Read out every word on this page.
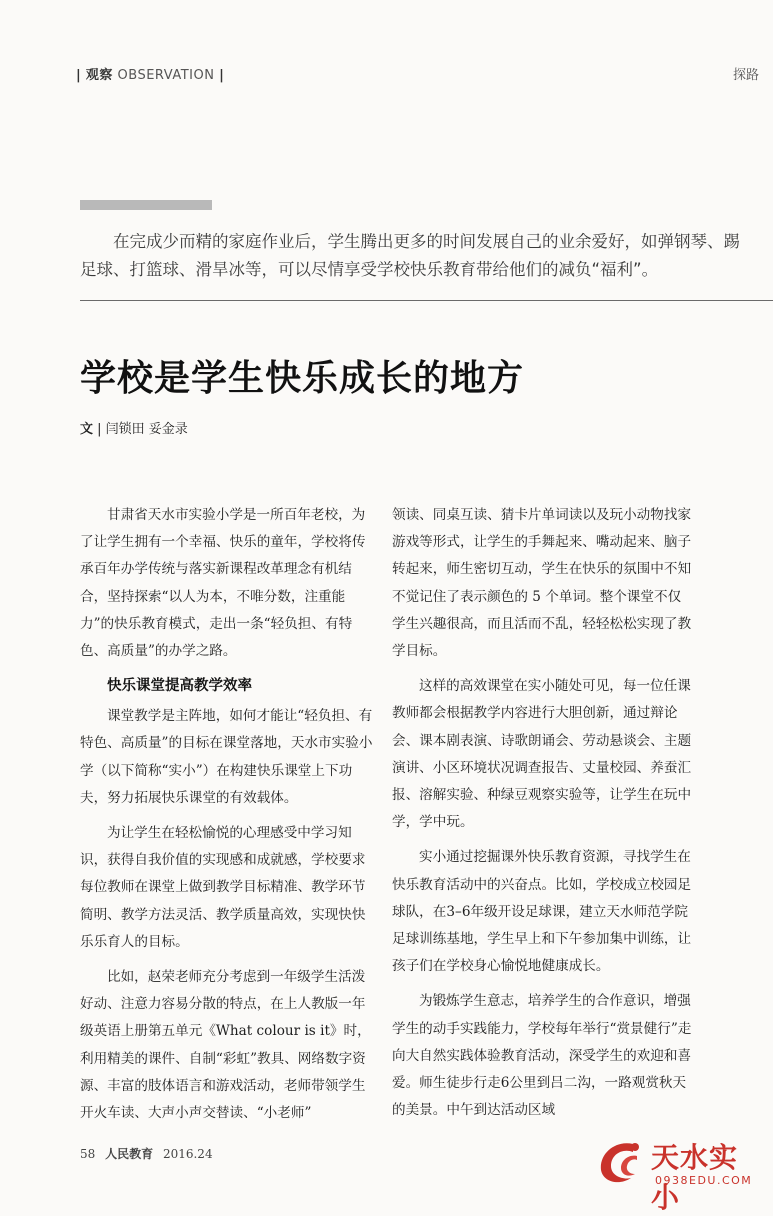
| 观察 OBSERVATION |	探路

在完成少而精的家庭作业后，学生腾出更多的时间发展自己的业余爱好，如弹钢琴、踢足球、打篮球、滑旱冰等，可以尽情享受学校快乐教育带给他们的减负“福利”。

学校是学生快乐成长的地方
文 | 闫锁田 妥金录

甘肃省天水市实验小学是一所百年老校，为了让学生拥有一个幸福、快乐的童年，学校将传承百年办学传统与落实新课程改革理念有机结合，坚持探索“以人为本，不唯分数，注重能力”的快乐教育模式，走出一条“轻负担、有特色、高质量”的办学之路。

快乐课堂提高教学效率

课堂教学是主阵地，如何才能让“轻负担、有特色、高质量”的目标在课堂落地，天水市实验小学（以下简称“实小”）在构建快乐课堂上下功夫，努力拓展快乐课堂的有效载体。

为让学生在轻松愉悦的心理感受中学习知识，获得自我价值的实现感和成就感，学校要求每位教师在课堂上做到教学目标精准、教学环节简明、教学方法灵活、教学质量高效，实现快快乐乐育人的目标。

比如，赵荣老师充分考虑到一年级学生活泼好动、注意力容易分散的特点，在上人教版一年级英语上册第五单元《What colour is it》时，利用精美的课件、自制“彩虹”教具、网络数字资源、丰富的肢体语言和游戏活动，老师带领学生开火车读、大声小声交替读、“小老师”

领读、同桌互读、猜卡片单词读以及玩小动物找家游戏等形式，让学生的手舞起来、嘴动起来、脑子转起来，师生密切互动，学生在快乐的氛围中不知不觉记住了表示颜色的 5 个单词。整个课堂不仅学生兴趣很高，而且活而不乱，轻轻松松实现了教学目标。

这样的高效课堂在实小随处可见，每一位任课教师都会根据教学内容进行大胆创新，通过辩论会、课本剧表演、诗歌朗诵会、劳动悬谈会、主题演讲、小区环境状况调查报告、丈量校园、养蚕汇报、溶解实验、种绿豆观察实验等，让学生在玩中学，学中玩。

实小通过挖掘课外快乐教育资源，寻找学生在快乐教育活动中的兴奋点。比如，学校成立校园足球队，在3–6年级开设足球课，建立天水师范学院足球训练基地，学生早上和下午参加集中训练，让孩子们在学校身心愉悦地健康成长。

为锻炼学生意志，培养学生的合作意识，增强学生的动手实践能力，学校每年举行“赏景健行”走向大自然实践体验教育活动，深受学生的欢迎和喜爱。师生徒步行走6公里到吕二沟，一路观赏秋天的美景。中午到达活动区域

58 人民教育 2016.24	天水实小
0938EDU.COM
